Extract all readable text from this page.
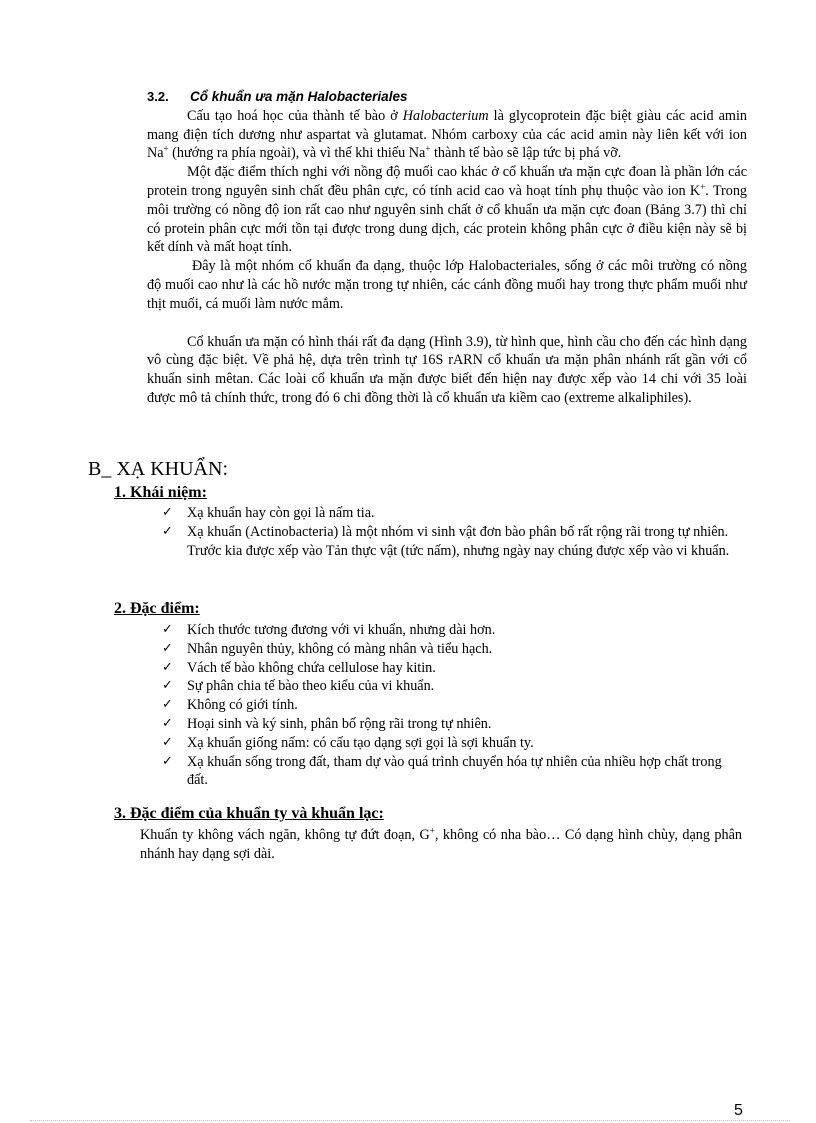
3.2. Cổ khuẩn ưa mặn Halobacteriales

Cấu tạo hoá học của thành tế bào ở Halobacterium là glycoprotein đặc biệt giàu các acid amin mang điện tích dương như aspartat và glutamat. Nhóm carboxy của các acid amin này liên kết với ion Na+ (hướng ra phía ngoài), và vì thế khi thiếu Na+ thành tế bào sẽ lập tức bị phá vỡ.

Một đặc điểm thích nghi với nồng độ muối cao khác ở cổ khuẩn ưa mặn cực đoan là phần lớn các protein trong nguyên sinh chất đều phân cực, có tính acid cao và hoạt tính phụ thuộc vào ion K+. Trong môi trường có nồng độ ion rất cao như nguyên sinh chất ở cổ khuẩn ưa mặn cực đoan (Bảng 3.7) thì chỉ có protein phân cực mới tồn tại được trong dung dịch, các protein không phân cực ở điều kiện này sẽ bị kết dính và mất hoạt tính.

Đây là một nhóm cổ khuẩn đa dạng, thuộc lớp Halobacteriales, sống ở các môi trường có nồng độ muối cao như là các hồ nước mặn trong tự nhiên, các cánh đồng muối hay trong thực phẩm muối như thịt muối, cá muối làm nước mắm.

Cổ khuẩn ưa mặn có hình thái rất đa dạng (Hình 3.9), từ hình que, hình cầu cho đến các hình dạng vô cùng đặc biệt. Về phả hệ, dựa trên trình tự 16S rARN cổ khuẩn ưa mặn phân nhánh rất gần với cổ khuẩn sinh mêtan. Các loài cổ khuẩn ưa mặn được biết đến hiện nay được xếp vào 14 chi với 35 loài được mô tả chính thức, trong đó 6 chi đồng thời là cổ khuẩn ưa kiềm cao (extreme alkaliphiles).

B_ XẠ KHUẨN:
1. Khái niệm:
✓ Xạ khuẩn hay còn gọi là nấm tia.
✓ Xạ khuẩn (Actinobacteria) là một nhóm vi sinh vật đơn bào phân bố rất rộng rãi trong tự nhiên. Trước kia được xếp vào Tản thực vật (tức nấm), nhưng ngày nay chúng được xếp vào vi khuẩn.
2. Đặc điểm:
✓ Kích thước tương đương với vi khuẩn, nhưng dài hơn.
✓ Nhân nguyên thủy, không có màng nhân và tiểu hạch.
✓ Vách tế bào không chứa cellulose hay kitin.
✓ Sự phân chia tế bào theo kiểu của vi khuẩn.
✓ Không có giới tính.
✓ Hoại sinh và ký sinh, phân bố rộng rãi trong tự nhiên.
✓ Xạ khuẩn giống nấm: có cấu tạo dạng sợi gọi là sợi khuẩn ty.
✓ Xạ khuẩn sống trong đất, tham dự vào quá trình chuyển hóa tự nhiên của nhiều hợp chất trong đất.
3. Đặc điểm của khuẩn ty và khuẩn lạc:
Khuẩn ty không vách ngăn, không tự đứt đoạn, G+, không có nha bào… Có dạng hình chùy, dạng phân nhánh hay dạng sợi dài.
5
